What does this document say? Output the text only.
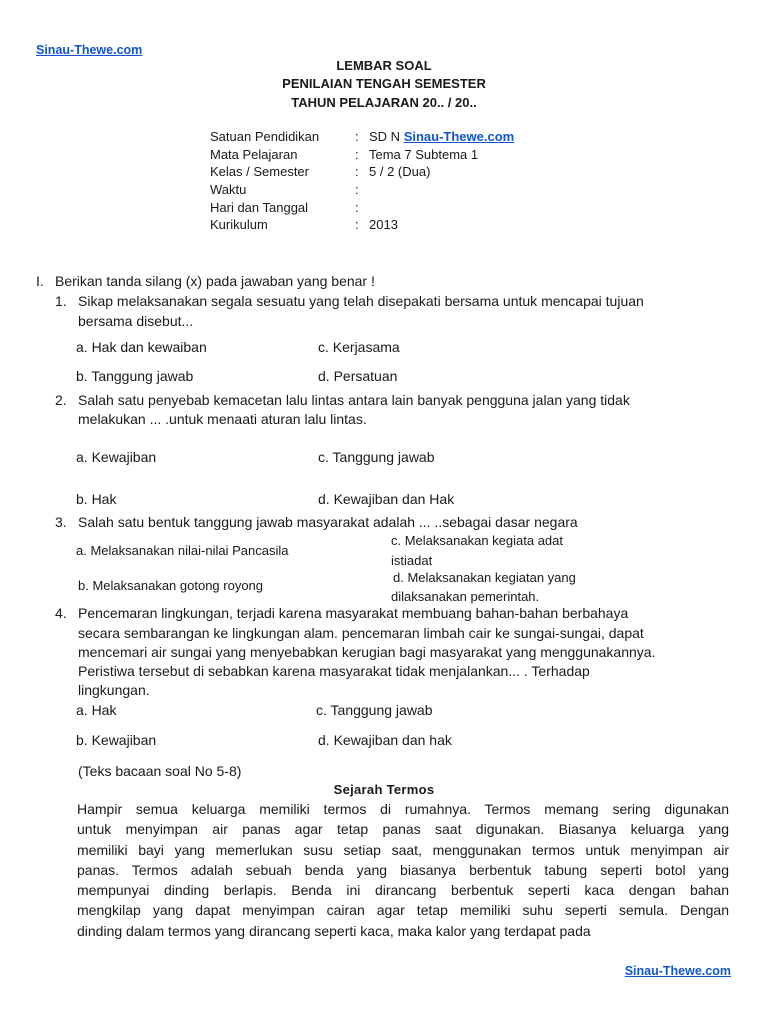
Sinau-Thewe.com
LEMBAR SOAL
PENILAIAN TENGAH SEMESTER
TAHUN PELAJARAN 20.. / 20..
Satuan Pendidikan	: SD N Sinau-Thewe.com
Mata Pelajaran	: Tema 7 Subtema 1
Kelas / Semester	: 5 / 2 (Dua)
Waktu	:
Hari dan Tanggal	:
Kurikulum	: 2013
I. Berikan tanda silang (x) pada jawaban yang benar !
1. Sikap melaksanakan segala sesuatu yang telah disepakati bersama untuk mencapai tujuan
bersama disebut...
a. Hak dan kewaiban	c. Kerjasama
b. Tanggung jawab	d. Persatuan
2. Salah satu penyebab kemacetan lalu lintas antara lain banyak pengguna jalan yang tidak
melakukan ... .untuk menaati aturan lalu lintas.
a. Kewajiban	c. Tanggung jawab
b. Hak	d. Kewajiban dan Hak
3. Salah satu bentuk tanggung jawab masyarakat adalah ... ..sebagai dasar negara
a. Melaksanakan nilai-nilai Pancasila
c. Melaksanakan kegiata adat
istiadat
b. Melaksanakan gotong royong
d. Melaksanakan kegiatan yang
dilaksanakan pemerintah.
4. Pencemaran lingkungan, terjadi karena masyarakat membuang bahan-bahan berbahaya
secara sembarangan ke lingkungan alam. pencemaran limbah cair ke sungai-sungai, dapat
mencemari air sungai yang menyebabkan kerugian bagi masyarakat yang menggunakannya.
Peristiwa tersebut di sebabkan karena masyarakat tidak menjalankan... . Terhadap
lingkungan.
a. Hak	c. Tanggung jawab
b. Kewajiban	d. Kewajiban dan hak
(Teks bacaan soal No 5-8)
Sejarah Termos
Hampir semua keluarga memiliki termos di rumahnya. Termos memang sering digunakan
untuk menyimpan air panas agar tetap panas saat digunakan. Biasanya keluarga yang
memiliki bayi yang memerlukan susu setiap saat, menggunakan termos untuk menyimpan air
panas. Termos adalah sebuah benda yang biasanya berbentuk tabung seperti botol yang
mempunyai dinding berlapis. Benda ini dirancang berbentuk seperti kaca dengan bahan
mengkilap yang dapat menyimpan cairan agar tetap memiliki suhu seperti semula. Dengan
dinding dalam termos yang dirancang seperti kaca, maka kalor yang terdapat pada
Sinau-Thewe.com
